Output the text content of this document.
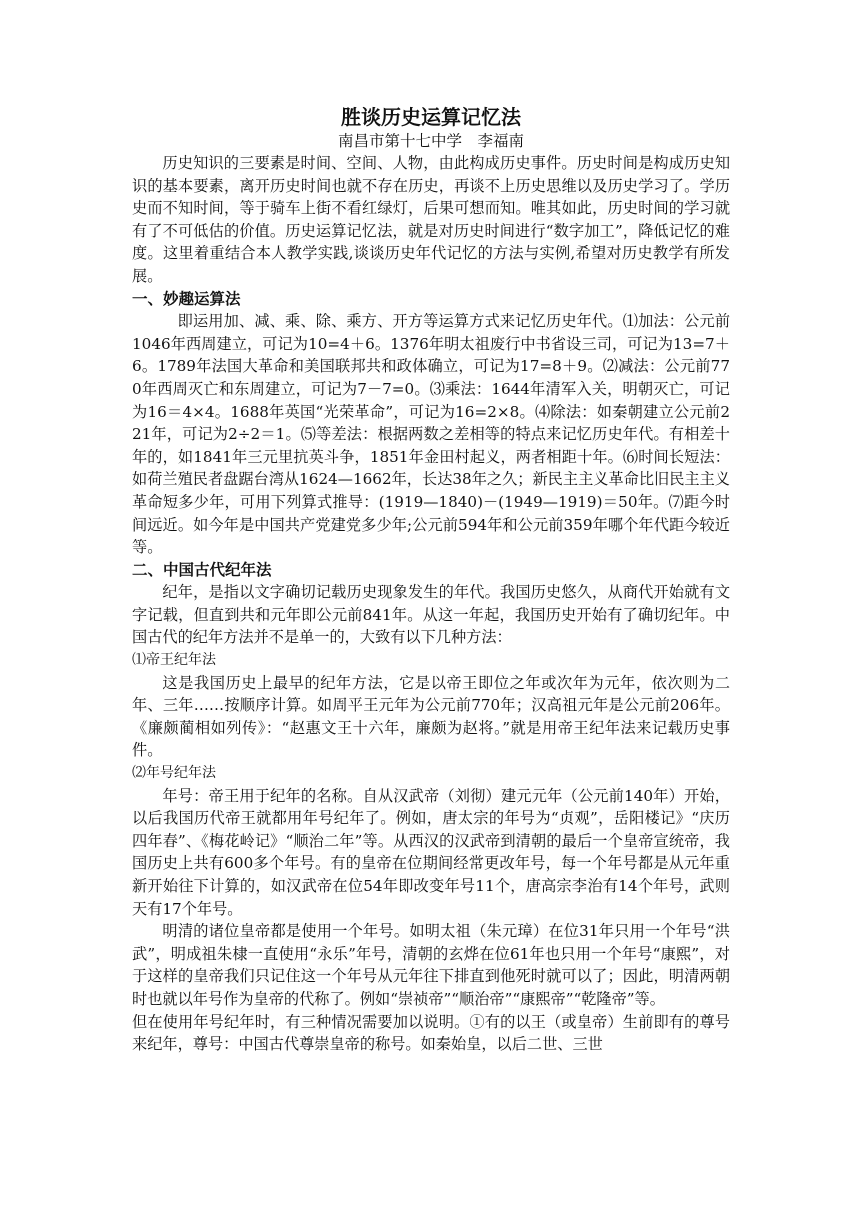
胜谈历史运算记忆法
南昌市第十七中学　李福南

历史知识的三要素是时间、空间、人物，由此构成历史事件。历史时间是构成历史知识的基本要素，离开历史时间也就不存在历史，再谈不上历史思维以及历史学习了。学历史而不知时间，等于骑车上街不看红绿灯，后果可想而知。唯其如此，历史时间的学习就有了不可低估的价值。历史运算记忆法，就是对历史时间进行“数字加工”，降低记忆的难度。这里着重结合本人教学实践,谈谈历史年代记忆的方法与实例,希望对历史教学有所发展。

一、妙趣运算法

即运用加、减、乘、除、乘方、开方等运算方式来记忆历史年代。⑴加法：公元前1046年西周建立，可记为10=4＋6。1376年明太祖废行中书省设三司，可记为13=7＋6。1789年法国大革命和美国联邦共和政体确立，可记为17=8＋9。⑵减法：公元前770年西周灭亡和东周建立，可记为7－7=0。⑶乘法：1644年清军入关，明朝灭亡，可记为16＝4×4。1688年英国“光荣革命”，可记为16=2×8。⑷除法：如秦朝建立公元前221年，可记为2÷2＝1。⑸等差法：根据两数之差相等的特点来记忆历史年代。有相差十年的，如1841年三元里抗英斗争，1851年金田村起义，两者相距十年。⑹时间长短法：如荷兰殖民者盘踞台湾从1624—1662年，长达38年之久；新民主主义革命比旧民主主义革命短多少年，可用下列算式推导：(1919—1840)－(1949—1919)＝50年。⑺距今时间远近。如今年是中国共产党建党多少年;公元前594年和公元前359年哪个年代距今较近等。

二、中国古代纪年法

纪年，是指以文字确切记载历史现象发生的年代。我国历史悠久，从商代开始就有文字记载，但直到共和元年即公元前841年。从这一年起，我国历史开始有了确切纪年。中国古代的纪年方法并不是单一的，大致有以下几种方法：

⑴帝王纪年法

这是我国历史上最早的纪年方法，它是以帝王即位之年或次年为元年，依次则为二年、三年……按顺序计算。如周平王元年为公元前770年；汉高祖元年是公元前206年。《廉颇蔺相如列传》：“赵惠文王十六年，廉颇为赵将。”就是用帝王纪年法来记载历史事件。

⑵年号纪年法

年号：帝王用于纪年的名称。自从汉武帝（刘彻）建元元年（公元前140年）开始，以后我国历代帝王就都用年号纪年了。例如，唐太宗的年号为“贞观”，岳阳楼记》“庆历四年春”、《梅花岭记》“顺治二年”等。从西汉的汉武帝到清朝的最后一个皇帝宣统帝，我国历史上共有600多个年号。有的皇帝在位期间经常更改年号，每一个年号都是从元年重新开始往下计算的，如汉武帝在位54年即改变年号11个，唐高宗李治有14个年号，武则天有17个年号。

明清的诸位皇帝都是使用一个年号。如明太祖（朱元璋）在位31年只用一个年号“洪武”，明成祖朱棣一直使用“永乐”年号，清朝的玄烨在位61年也只用一个年号“康熙”，对于这样的皇帝我们只记住这一个年号从元年往下排直到他死时就可以了；因此，明清两朝时也就以年号作为皇帝的代称了。例如“崇祯帝”“顺治帝”“康熙帝”“乾隆帝”等。

但在使用年号纪年时，有三种情况需要加以说明。①有的以王（或皇帝）生前即有的尊号来纪年，尊号：中国古代尊崇皇帝的称号。如秦始皇，以后二世、三世
